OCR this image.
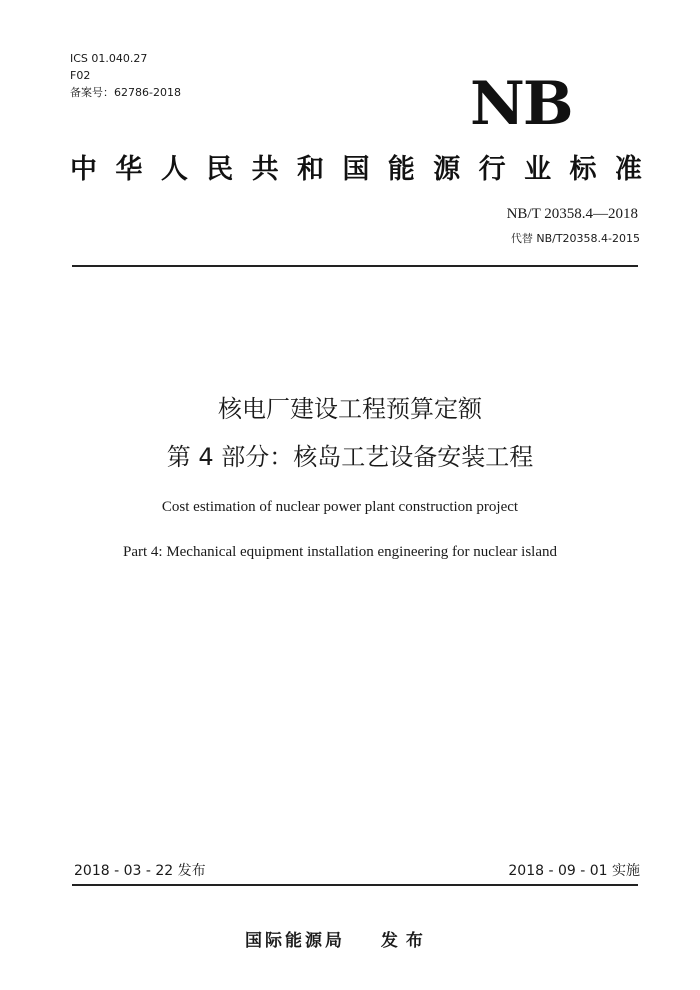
ICS 01.040.27
F02
备案号：62786-2018	NB
中 华 人 民 共 和 国 能 源 行 业 标 准
NB/T 20358.4—2018
代替 NB/T20358.4-2015
核电厂建设工程预算定额
第 4 部分：核岛工艺设备安装工程
Cost estimation of nuclear power plant construction project
Part 4: Mechanical equipment installation engineering for nuclear island
2018 - 03 - 22 发布	2018 - 09 - 01 实施
国际能源局 发布
